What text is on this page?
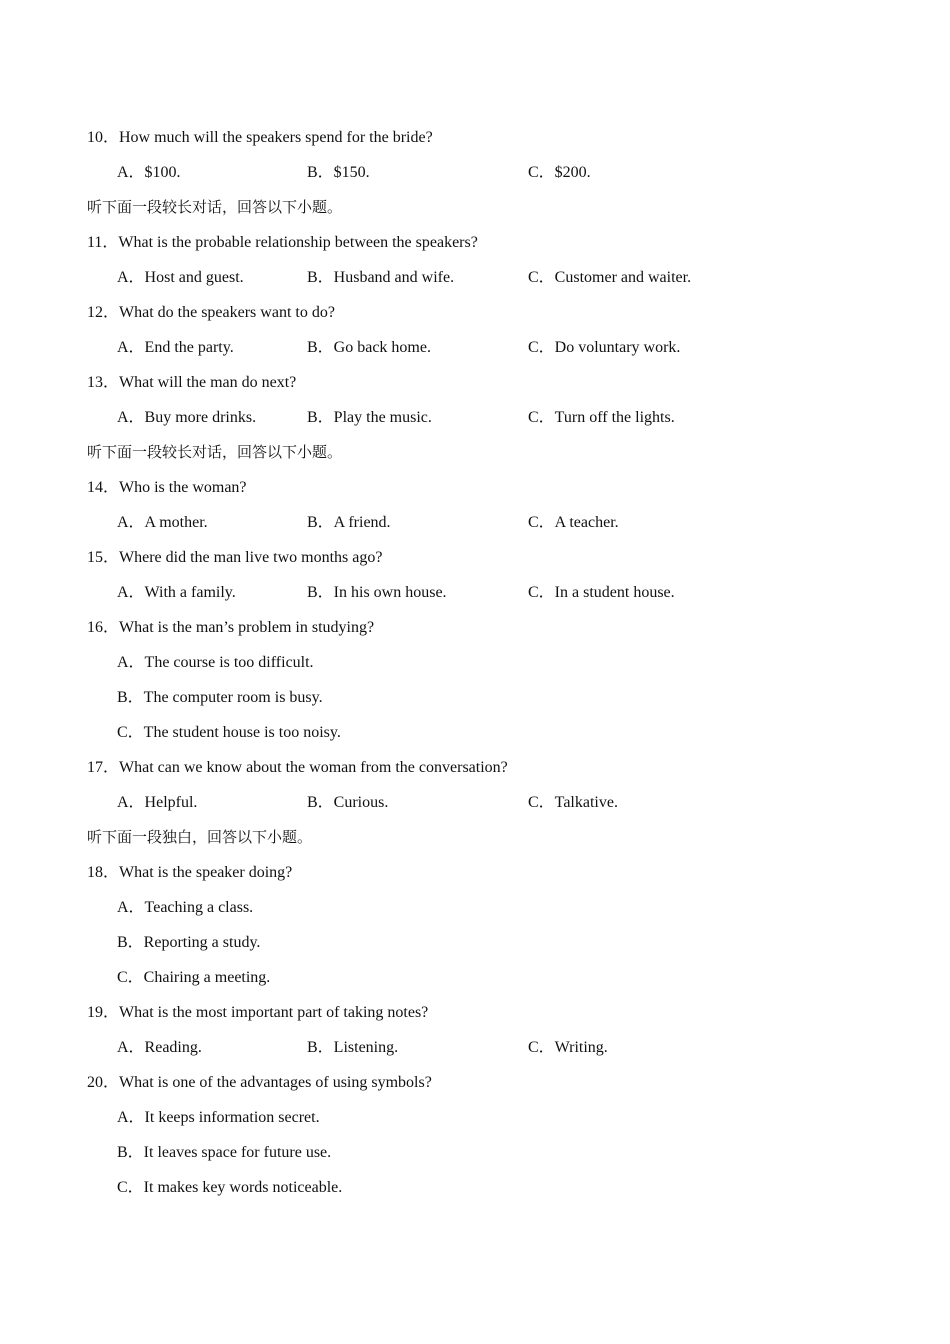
10．How much will the speakers spend for the bride?
A．$100.	B．$150.	C．$200.
听下面一段较长对话，回答以下小题。
11．What is the probable relationship between the speakers?
A．Host and guest.	B．Husband and wife.	C．Customer and waiter.
12．What do the speakers want to do?
A．End the party.	B．Go back home.	C．Do voluntary work.
13．What will the man do next?
A．Buy more drinks.	B．Play the music.	C．Turn off the lights.
听下面一段较长对话，回答以下小题。
14．Who is the woman?
A．A mother.	B．A friend.	C．A teacher.
15．Where did the man live two months ago?
A．With a family.	B．In his own house.	C．In a student house.
16．What is the man’s problem in studying?
A．The course is too difficult.
B．The computer room is busy.
C．The student house is too noisy.
17．What can we know about the woman from the conversation?
A．Helpful.	B．Curious.	C．Talkative.
听下面一段独白，回答以下小题。
18．What is the speaker doing?
A．Teaching a class.
B．Reporting a study.
C．Chairing a meeting.
19．What is the most important part of taking notes?
A．Reading.	B．Listening.	C．Writing.
20．What is one of the advantages of using symbols?
A．It keeps information secret.
B．It leaves space for future use.
C．It makes key words noticeable.
